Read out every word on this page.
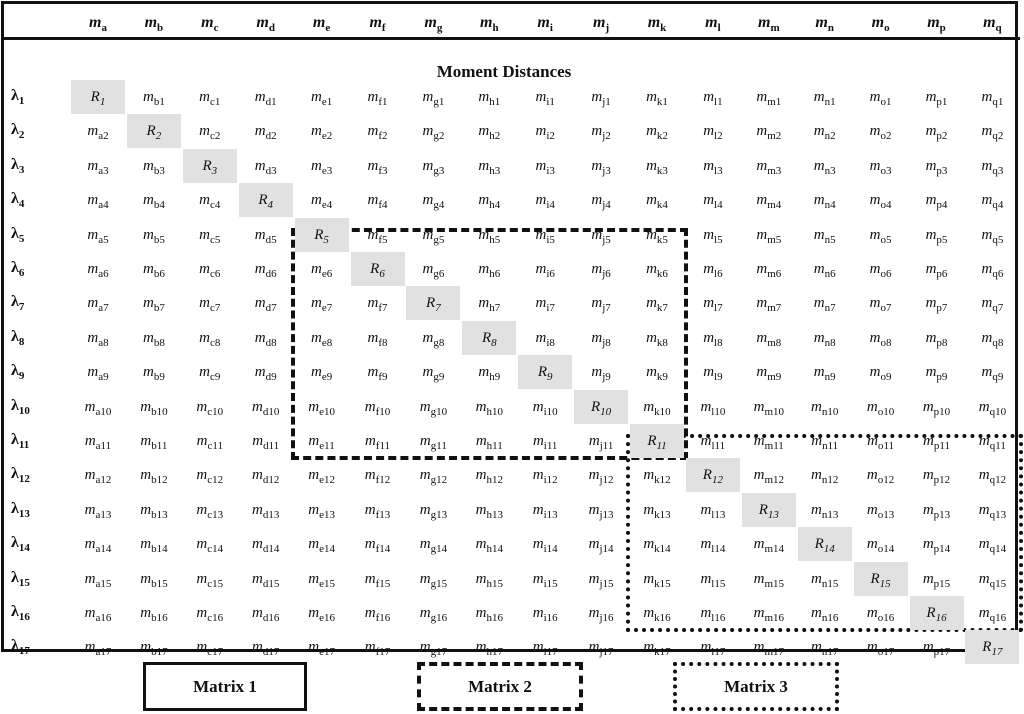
Moment Distances
Matrix 1	Matrix 2	Matrix 3
$m_a$	$m_b$	$m_c$	$m_d$	$m_e$	$m_f$	$m_g$	$m_h$	$m_i$	$m_j$	$m_k$	$m_l$	$m_m$	$m_n$	$m_o$	$m_p$	$m_q$
$\lambda_1$	$R_1$	$m_{b1}$	$m_{c1}$	$m_{d1}$	$m_{e1}$	$m_{f1}$	$m_{g1}$	$m_{h1}$	$m_{i1}$	$m_{j1}$	$m_{k1}$	$m_{l1}$	$m_{m1}$	$m_{n1}$	$m_{o1}$	$m_{p1}$	$m_{q1}$
$\lambda_2$	$m_{a2}$	$R_2$	$m_{c2}$	$m_{d2}$	$m_{e2}$	$m_{f2}$	$m_{g2}$	$m_{h2}$	$m_{i2}$	$m_{j2}$	$m_{k2}$	$m_{l2}$	$m_{m2}$	$m_{n2}$	$m_{o2}$	$m_{p2}$	$m_{q2}$
$\lambda_3$	$m_{a3}$	$m_{b3}$	$R_3$	$m_{d3}$	$m_{e3}$	$m_{f3}$	$m_{g3}$	$m_{h3}$	$m_{i3}$	$m_{j3}$	$m_{k3}$	$m_{l3}$	$m_{m3}$	$m_{n3}$	$m_{o3}$	$m_{p3}$	$m_{q3}$
$\lambda_4$	$m_{a4}$	$m_{b4}$	$m_{c4}$	$R_4$	$m_{e4}$	$m_{f4}$	$m_{g4}$	$m_{h4}$	$m_{i4}$	$m_{j4}$	$m_{k4}$	$m_{l4}$	$m_{m4}$	$m_{n4}$	$m_{o4}$	$m_{p4}$	$m_{q4}$
$\lambda_5$	$m_{a5}$	$m_{b5}$	$m_{c5}$	$m_{d5}$	$R_5$	$m_{f5}$	$m_{g5}$	$m_{h5}$	$m_{i5}$	$m_{j5}$	$m_{k5}$	$m_{l5}$	$m_{m5}$	$m_{n5}$	$m_{o5}$	$m_{p5}$	$m_{q5}$
$\lambda_6$	$m_{a6}$	$m_{b6}$	$m_{c6}$	$m_{d6}$	$m_{e6}$	$R_6$	$m_{g6}$	$m_{h6}$	$m_{i6}$	$m_{j6}$	$m_{k6}$	$m_{l6}$	$m_{m6}$	$m_{n6}$	$m_{o6}$	$m_{p6}$	$m_{q6}$
$\lambda_7$	$m_{a7}$	$m_{b7}$	$m_{c7}$	$m_{d7}$	$m_{e7}$	$m_{f7}$	$R_7$	$m_{h7}$	$m_{i7}$	$m_{j7}$	$m_{k7}$	$m_{l7}$	$m_{m7}$	$m_{n7}$	$m_{o7}$	$m_{p7}$	$m_{q7}$
$\lambda_8$	$m_{a8}$	$m_{b8}$	$m_{c8}$	$m_{d8}$	$m_{e8}$	$m_{f8}$	$m_{g8}$	$R_8$	$m_{i8}$	$m_{j8}$	$m_{k8}$	$m_{l8}$	$m_{m8}$	$m_{n8}$	$m_{o8}$	$m_{p8}$	$m_{q8}$
$\lambda_9$	$m_{a9}$	$m_{b9}$	$m_{c9}$	$m_{d9}$	$m_{e9}$	$m_{f9}$	$m_{g9}$	$m_{h9}$	$R_9$	$m_{j9}$	$m_{k9}$	$m_{l9}$	$m_{m9}$	$m_{n9}$	$m_{o9}$	$m_{p9}$	$m_{q9}$
$\lambda_{10}$	$m_{a10}$	$m_{b10}$	$m_{c10}$	$m_{d10}$	$m_{e10}$	$m_{f10}$	$m_{g10}$	$m_{h10}$	$m_{i10}$	$R_{10}$	$m_{k10}$	$m_{l10}$	$m_{m10}$	$m_{n10}$	$m_{o10}$	$m_{p10}$	$m_{q10}$
$\lambda_{11}$	$m_{a11}$	$m_{b11}$	$m_{c11}$	$m_{d11}$	$m_{e11}$	$m_{f11}$	$m_{g11}$	$m_{h11}$	$m_{i11}$	$m_{j11}$	$R_{11}$	$m_{l11}$	$m_{m11}$	$m_{n11}$	$m_{o11}$	$m_{p11}$	$m_{q11}$
$\lambda_{12}$	$m_{a12}$	$m_{b12}$	$m_{c12}$	$m_{d12}$	$m_{e12}$	$m_{f12}$	$m_{g12}$	$m_{h12}$	$m_{i12}$	$m_{j12}$	$m_{k12}$	$R_{12}$	$m_{m12}$	$m_{n12}$	$m_{o12}$	$m_{p12}$	$m_{q12}$
$\lambda_{13}$	$m_{a13}$	$m_{b13}$	$m_{c13}$	$m_{d13}$	$m_{e13}$	$m_{f13}$	$m_{g13}$	$m_{h13}$	$m_{i13}$	$m_{j13}$	$m_{k13}$	$m_{l13}$	$R_{13}$	$m_{n13}$	$m_{o13}$	$m_{p13}$	$m_{q13}$
$\lambda_{14}$	$m_{a14}$	$m_{b14}$	$m_{c14}$	$m_{d14}$	$m_{e14}$	$m_{f14}$	$m_{g14}$	$m_{h14}$	$m_{i14}$	$m_{j14}$	$m_{k14}$	$m_{l14}$	$m_{m14}$	$R_{14}$	$m_{o14}$	$m_{p14}$	$m_{q14}$
$\lambda_{15}$	$m_{a15}$	$m_{b15}$	$m_{c15}$	$m_{d15}$	$m_{e15}$	$m_{f15}$	$m_{g15}$	$m_{h15}$	$m_{i15}$	$m_{j15}$	$m_{k15}$	$m_{l15}$	$m_{m15}$	$m_{n15}$	$R_{15}$	$m_{p15}$	$m_{q15}$
$\lambda_{16}$	$m_{a16}$	$m_{b16}$	$m_{c16}$	$m_{d16}$	$m_{e16}$	$m_{f16}$	$m_{g16}$	$m_{h16}$	$m_{i16}$	$m_{j16}$	$m_{k16}$	$m_{l16}$	$m_{m16}$	$m_{n16}$	$m_{o16}$	$R_{16}$	$m_{q16}$
$\lambda_{17}$	$m_{a17}$	$m_{b17}$	$m_{c17}$	$m_{d17}$	$m_{e17}$	$m_{f17}$	$m_{g17}$	$m_{h17}$	$m_{i17}$	$m_{j17}$	$m_{k17}$	$m_{l17}$	$m_{m17}$	$m_{n17}$	$m_{o17}$	$m_{p17}$	$R_{17}$
